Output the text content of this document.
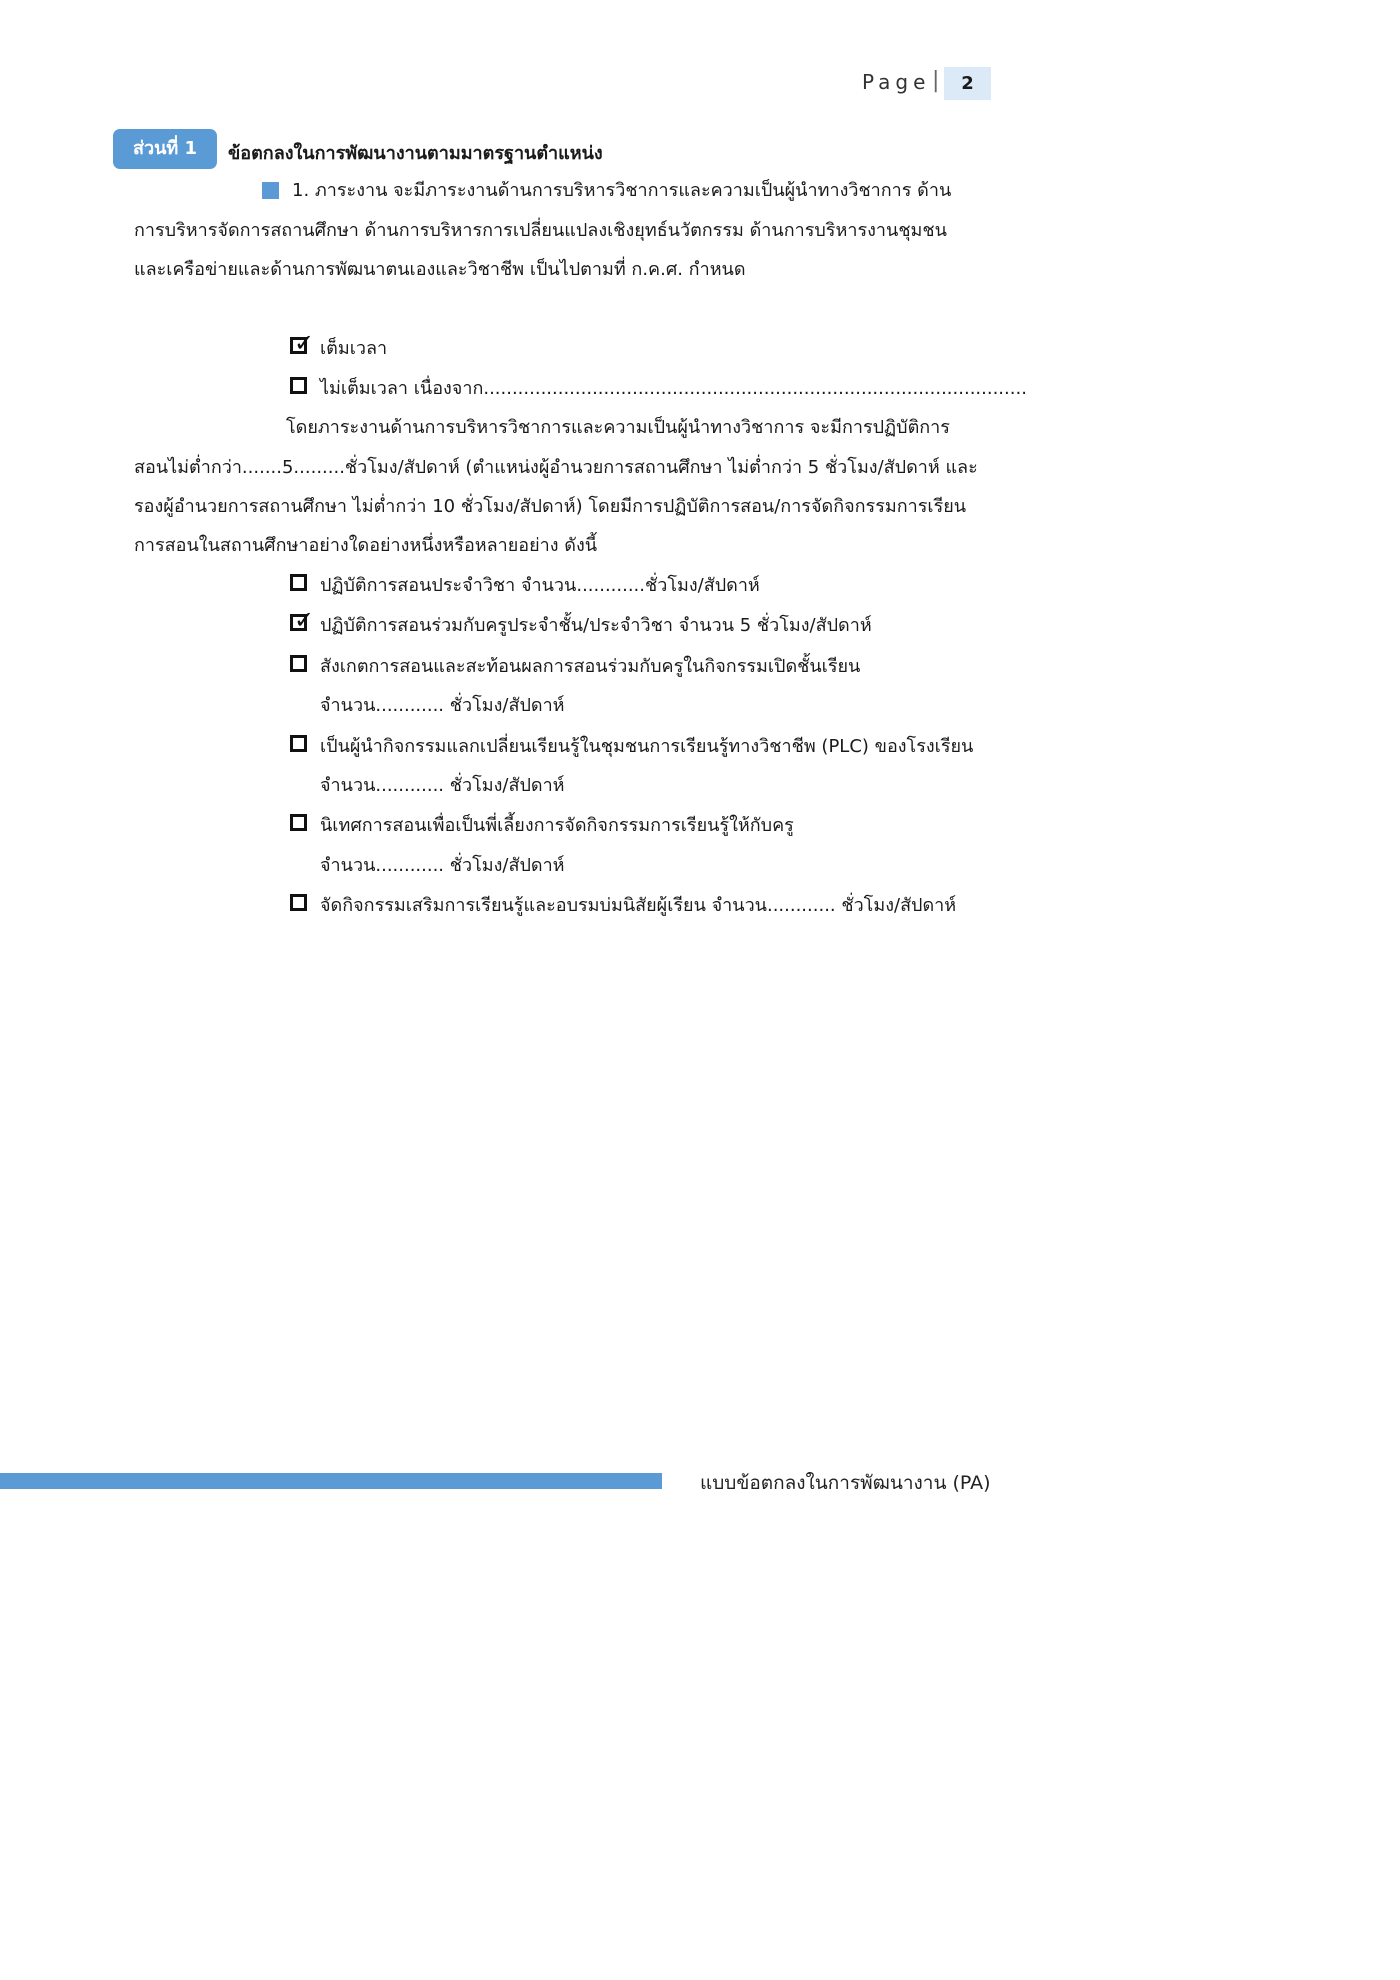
Page |	2
ส่วนที่ 1	ข้อตกลงในการพัฒนางานตามมาตรฐานตำแหน่ง
1. ภาระงาน จะมีภาระงานด้านการบริหารวิชาการและความเป็นผู้นำทางวิชาการ ด้าน
การบริหารจัดการสถานศึกษา ด้านการบริหารการเปลี่ยนแปลงเชิงยุทธ์นวัตกรรม ด้านการบริหารงานชุมชน
และเครือข่ายและด้านการพัฒนาตนเองและวิชาชีพ เป็นไปตามที่ ก.ค.ศ. กำหนด
✓ เต็มเวลา
ไม่เต็มเวลา เนื่องจาก...............................................................................................
โดยภาระงานด้านการบริหารวิชาการและความเป็นผู้นำทางวิชาการ จะมีการปฏิบัติการ
สอนไม่ต่ำกว่า.......5.........ชั่วโมง/สัปดาห์ (ตำแหน่งผู้อำนวยการสถานศึกษา ไม่ต่ำกว่า 5 ชั่วโมง/สัปดาห์ และ
รองผู้อำนวยการสถานศึกษา ไม่ต่ำกว่า 10 ชั่วโมง/สัปดาห์) โดยมีการปฏิบัติการสอน/การจัดกิจกรรมการเรียน
การสอนในสถานศึกษาอย่างใดอย่างหนึ่งหรือหลายอย่าง ดังนี้
ปฏิบัติการสอนประจำวิชา จำนวน............ชั่วโมง/สัปดาห์
✓ ปฏิบัติการสอนร่วมกับครูประจำชั้น/ประจำวิชา จำนวน 5 ชั่วโมง/สัปดาห์
สังเกตการสอนและสะท้อนผลการสอนร่วมกับครูในกิจกรรมเปิดชั้นเรียน
จำนวน............ ชั่วโมง/สัปดาห์
เป็นผู้นำกิจกรรมแลกเปลี่ยนเรียนรู้ในชุมชนการเรียนรู้ทางวิชาชีพ (PLC) ของโรงเรียน
จำนวน............ ชั่วโมง/สัปดาห์
นิเทศการสอนเพื่อเป็นพี่เลี้ยงการจัดกิจกรรมการเรียนรู้ให้กับครู
จำนวน............ ชั่วโมง/สัปดาห์
จัดกิจกรรมเสริมการเรียนรู้และอบรมบ่มนิสัยผู้เรียน จำนวน............ ชั่วโมง/สัปดาห์
แบบข้อตกลงในการพัฒนางาน (PA)
